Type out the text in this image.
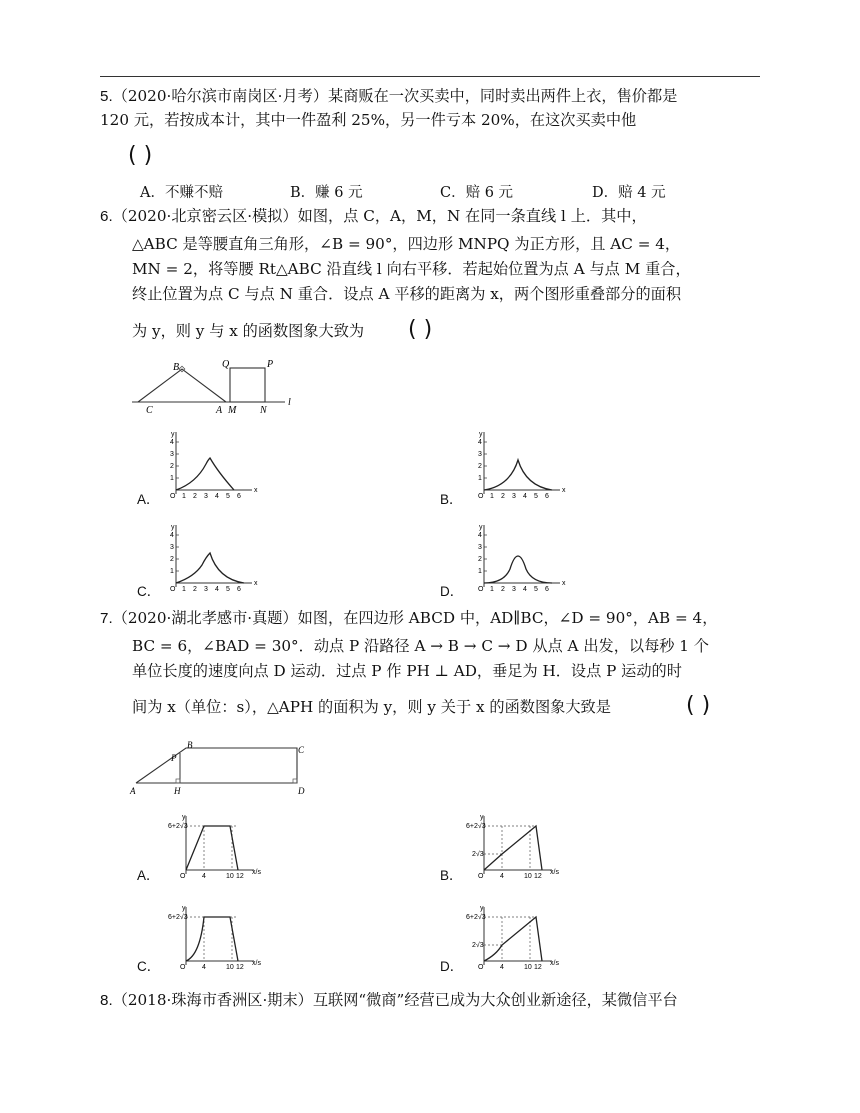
5.（2020·哈尔滨市南岗区·月考）某商贩在一次买卖中，同时卖出两件上衣，售价都是
120 元，若按成本计，其中一件盈利 25%，另一件亏本 20%，在这次买卖中他
( )
A．不赚不赔	B．赚 6 元	C．赔 6 元	D．赔 4 元
6.（2020·北京密云区·模拟）如图，点 C，A，M，N 在同一条直线 l 上．其中，
△ABC 是等腰直角三角形，∠B = 90°，四边形 MNPQ 为正方形，且 AC = 4，
MN = 2，将等腰 Rt△ABC 沿直线 l 向右平移．若起始位置为点 A 与点 M 重合，
终止位置为点 C 与点 N 重合．设点 A 平移的距离为 x，两个图形重叠部分的面积
为 y，则 y 与 x 的函数图象大致为 ( )
B	Q	P
C	A M N
l
A．	B．
C．	D．
y
x
O
4
3
2
1
1 2 3 4 5 6
y
x
O
4
3
2
1
1 2 3 4 5 6
y
x
O
4
3
2
1
1 2 3 4 5 6
y
x
O
4
3
2
1
1 2 3 4 5 6
7.（2020·湖北孝感市·真题）如图，在四边形 ABCD 中，AD∥BC，∠D = 90°，AB = 4，
BC = 6，∠BAD = 30°．动点 P 沿路径 A → B → C → D 从点 A 出发，以每秒 1 个
单位长度的速度向点 D 运动．过点 P 作 PH ⊥ AD，垂足为 H．设点 P 运动的时
间为 x（单位：s），△APH 的面积为 y，则 y 关于 x 的函数图象大致是	( )
A
B	C
D
P
H
A．	B．
C．	D．
y
x/s
O
6+2√3
4	10 12
y
x/s
O
6+2√3
2√3
4	10 12
y
x/s
O
6+2√3
4	10 12
y
x/s
O
6+2√3
2√3
4	10 12
8.（2018·珠海市香洲区·期末）互联网“微商”经营已成为大众创业新途径，某微信平台
